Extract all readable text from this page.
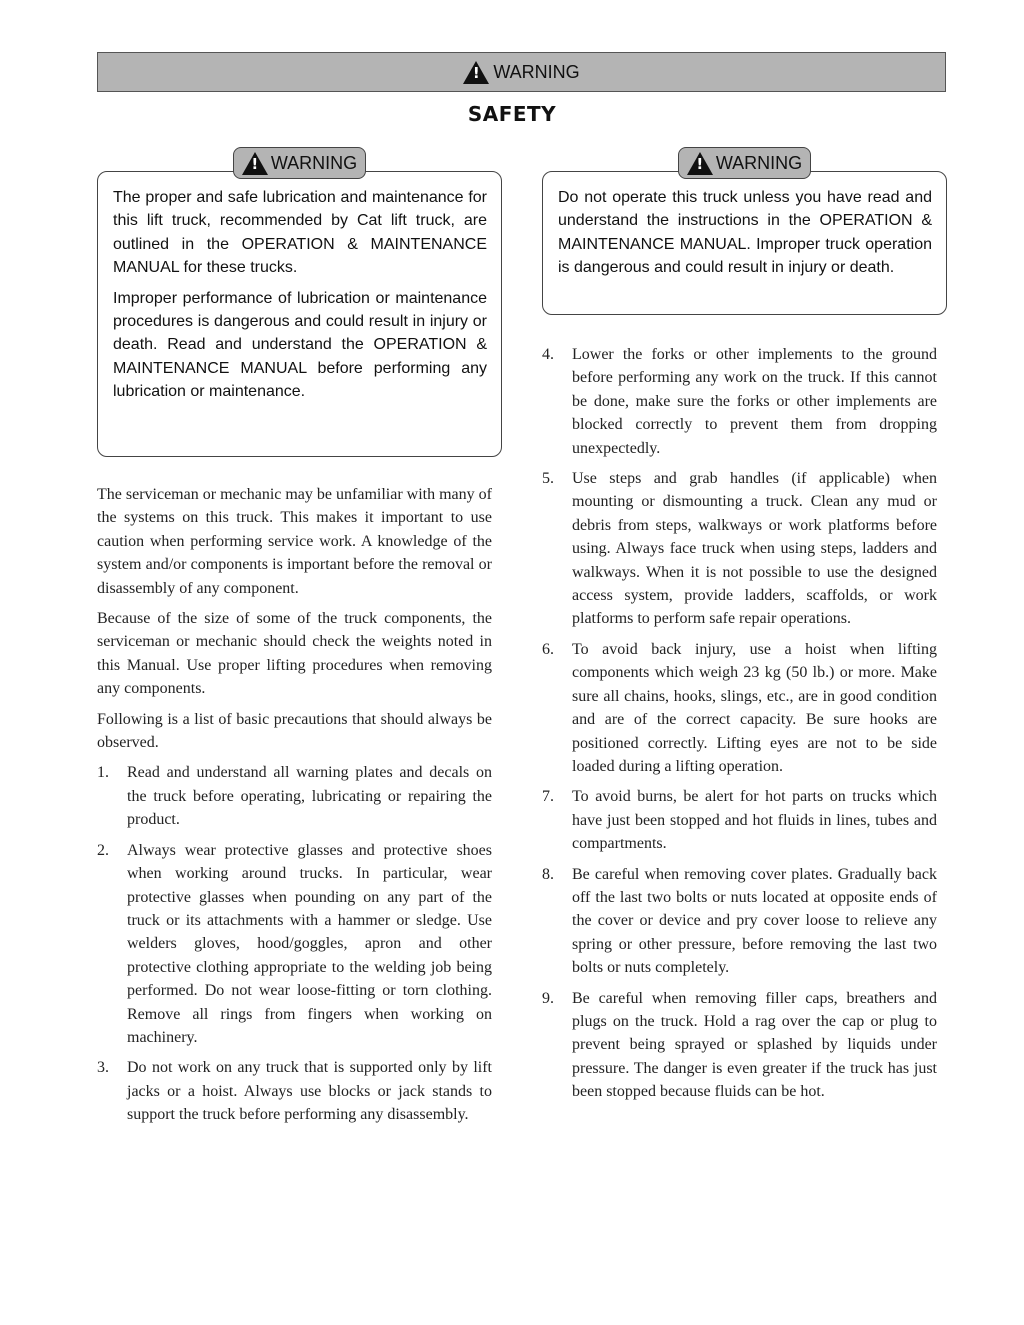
!
WARNING
SAFETY

The proper and safe lubrication and maintenance for this lift truck, recommended by Cat lift truck, are outlined in the OPERATION & MAINTENANCE MANUAL for these trucks.

Improper performance of lubrication or maintenance procedures is dangerous and could result in injury or death. Read and understand the OPERATION & MAINTENANCE MANUAL before performing any lubrication or maintenance.

!
WARNING

Do not operate this truck unless you have read and understand the instructions in the OPERATION & MAINTENANCE MANUAL. Improper truck operation is dangerous and could result in injury or death.

!
WARNING

The serviceman or mechanic may be unfamiliar with many of the systems on this truck. This makes it important to use caution when performing service work. A knowledge of the system and/or components is important before the removal or disassembly of any component.

Because of the size of some of the truck components, the serviceman or mechanic should check the weights noted in this Manual. Use proper lifting procedures when removing any components.

Following is a list of basic precautions that should always be observed.

1.	Read and understand all warning plates and decals on the truck before operating, lubricating or repairing the product.
2.	Always wear protective glasses and protective shoes when working around trucks. In particular, wear protective glasses when pounding on any part of the truck or its attachments with a hammer or sledge. Use welders gloves, hood/goggles, apron and other protective clothing appropriate to the welding job being performed. Do not wear loose-fitting or torn clothing. Remove all rings from fingers when working on machinery.
3.	Do not work on any truck that is supported only by lift jacks or a hoist. Always use blocks or jack stands to support the truck before performing any disassembly.
4.	Lower the forks or other implements to the ground before performing any work on the truck. If this cannot be done, make sure the forks or other implements are blocked correctly to prevent them from dropping unexpectedly.
5.	Use steps and grab handles (if applicable) when mounting or dismounting a truck. Clean any mud or debris from steps, walkways or work platforms before using. Always face truck when using steps, ladders and walkways. When it is not possible to use the designed access system, provide ladders, scaffolds, or work platforms to perform safe repair operations.
6.	To avoid back injury, use a hoist when lifting components which weigh 23 kg (50 lb.) or more. Make sure all chains, hooks, slings, etc., are in good condition and are of the correct capacity. Be sure hooks are positioned correctly. Lifting eyes are not to be side loaded during a lifting operation.
7.	To avoid burns, be alert for hot parts on trucks which have just been stopped and hot fluids in lines, tubes and compartments.
8.	Be careful when removing cover plates. Gradually back off the last two bolts or nuts located at opposite ends of the cover or device and pry cover loose to relieve any spring or other pressure, before removing the last two bolts or nuts completely.
9.	Be careful when removing filler caps, breathers and plugs on the truck. Hold a rag over the cap or plug to prevent being sprayed or splashed by liquids under pressure. The danger is even greater if the truck has just been stopped because fluids can be hot.
